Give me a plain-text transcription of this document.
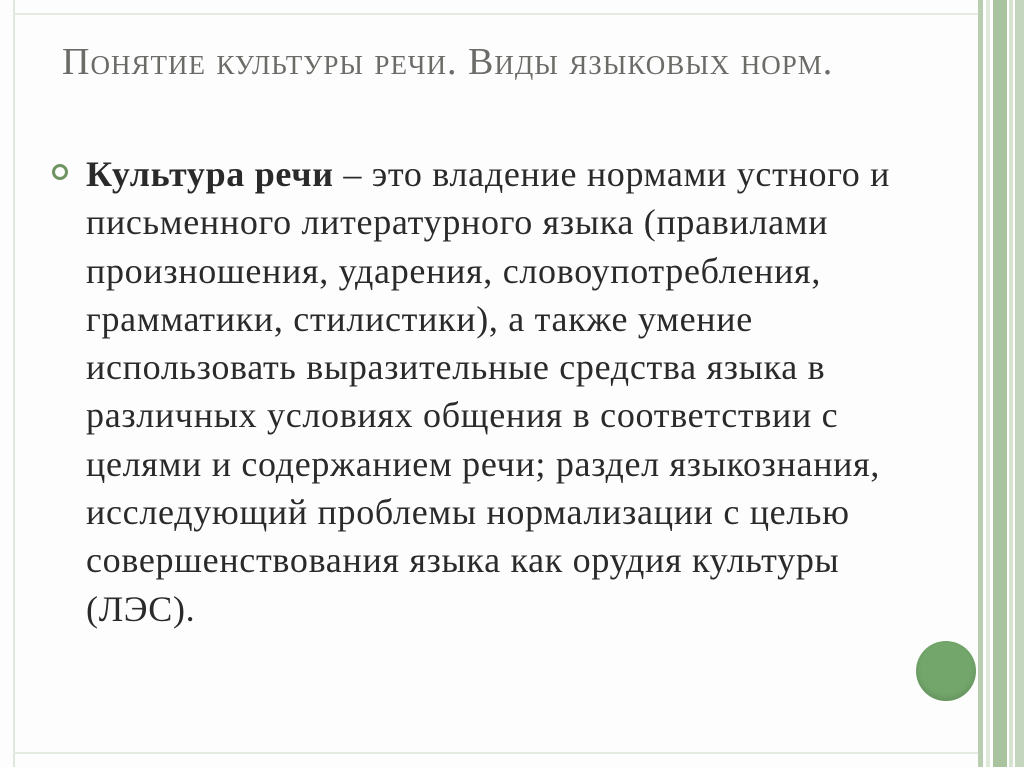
Понятие культуры речи. Виды языковых норм.

Культура речи – это владение нормами устного и письменного литературного языка (правилами произношения, ударения, словоупотребления, грамматики, стилистики), а также умение использовать выразительные средства языка в различных условиях общения в соответствии с целями и содержанием речи; раздел языкознания, исследующий проблемы нормализации с целью совершенствования языка как орудия культуры (ЛЭС).
